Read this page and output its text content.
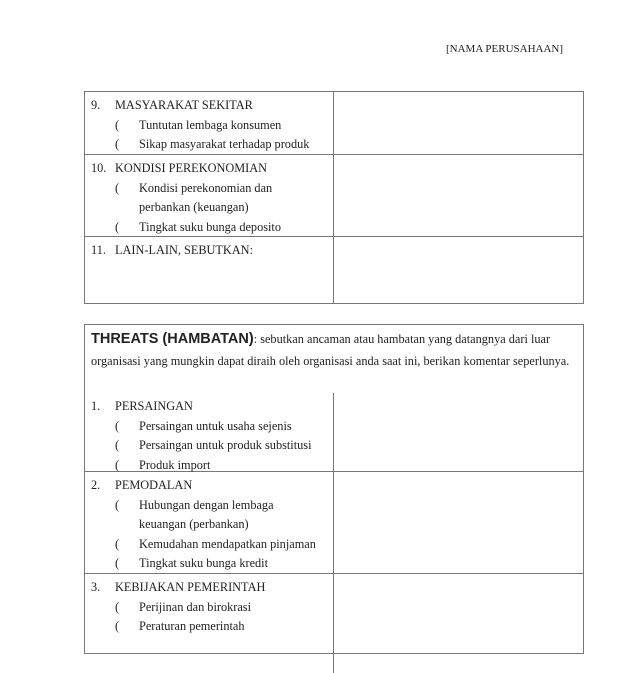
[NAMA PERUSAHAAN]
9.	MASYARAKAT SEKITAR
(	Tuntutan lembaga konsumen
(	Sikap masyarakat terhadap produk
10. KONDISI PEREKONOMIAN
(	Kondisi perekonomian dan
perbankan (keuangan)
(	Tingkat suku bunga deposito
11. LAIN-LAIN, SEBUTKAN:
THREATS (HAMBATAN): sebutkan ancaman atau hambatan yang datangnya dari luar organisasi yang mungkin dapat diraih oleh organisasi anda saat ini, berikan komentar seperlunya.
1.	PERSAINGAN
(	Persaingan untuk usaha sejenis
(	Persaingan untuk produk substitusi
(	Produk import
2.	PEMODALAN
(	Hubungan dengan lembaga
keuangan (perbankan)
(	Kemudahan mendapatkan pinjaman
(	Tingkat suku bunga kredit
3.	KEBIJAKAN PEMERINTAH
(	Perijinan dan birokrasi
(	Peraturan pemerintah
